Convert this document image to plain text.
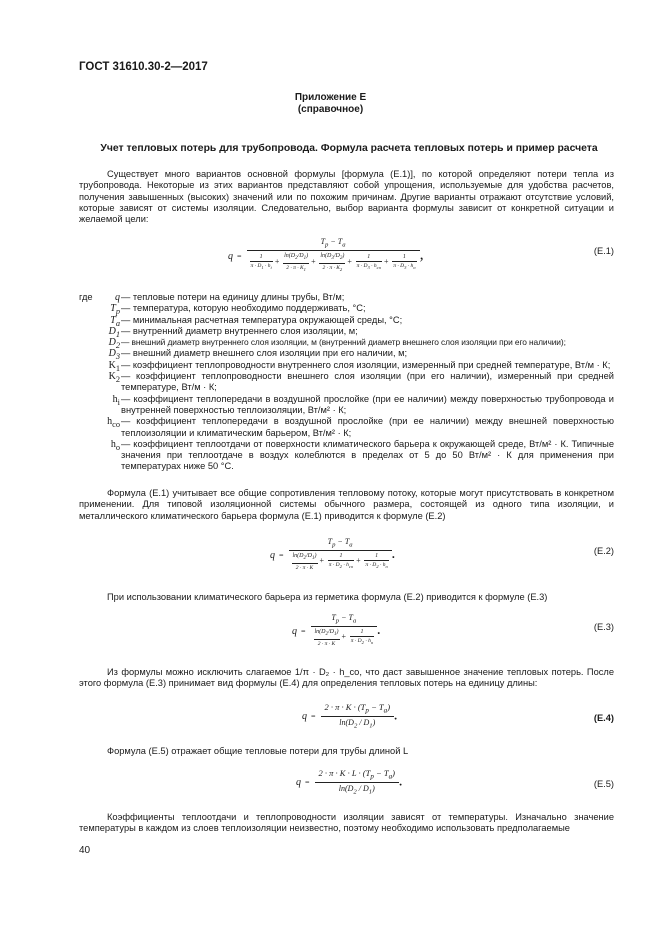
ГОСТ 31610.30-2—2017
Приложение Е
(справочное)
Учет тепловых потерь для трубопровода. Формула расчета тепловых потерь и пример расчета

Существует много вариантов основной формулы [формула (Е.1)], по которой определяют потери тепла из трубопровода. Некоторые из этих вариантов представляют собой упрощения, используемые для удобства расчетов, получения завышенных (высоких) значений или по похожим причинам. Другие варианты отражают отсутствие условий, которые зависят от системы изоляции. Следовательно, выбор варианта формулы зависит от конкретной ситуации и желаемой цели:

q =
$T_p - T_a$
$\frac{1}{\pi \cdot D_1 \cdot h_i} + \frac{\ln(D_2/D_1)}{2 \cdot \pi \cdot K_1} + \frac{\ln(D_3/D_2)}{2 \cdot \pi \cdot K_2}$ +
1
$\pi \cdot D_3 \cdot h_{co}$
+ $\frac{1}{\pi \cdot D_3 \cdot h_o}$ ,	(Е.1)
где q — тепловые потери на единицу длины трубы, Вт/м;
$T_p$ — температура, которую необходимо поддерживать, °С;
$T_a$ — минимальная расчетная температура окружающей среды, °С;
$D_1$ — внутренний диаметр внутреннего слоя изоляции, м;
$D_2$ — внешний диаметр внутреннего слоя изоляции, м (внутренний диаметр внешнего слоя изоляции при его наличии);
$D_3$ — внешний диаметр внешнего слоя изоляции при его наличии, м;
$K_1$ — коэффициент теплопроводности внутреннего слоя изоляции, измеренный при средней температуре, Вт/м · К;
$K_2$ — коэффициент теплопроводности внешнего слоя изоляции (при его наличии), измеренный при средней температуре, Вт/м · К;
$h_i$ — коэффициент теплопередачи в воздушной прослойке (при ее наличии) между поверхностью трубопровода и внутренней поверхностью теплоизоляции, Вт/м² · К;
$h_{co}$ — коэффициент теплопередачи в воздушной прослойке (при ее наличии) между внешней поверхностью теплоизоляции и климатическим барьером, Вт/м² · К;
$h_o$ — коэффициент теплоотдачи от поверхности климатического барьера к окружающей среде, Вт/м² · К. Типичные значения при теплоотдаче в воздух колеблются в пределах от 5 до 50 Вт/м² · К для применения при температурах ниже 50 °С.

Формула (Е.1) учитывает все общие сопротивления тепловому потоку, которые могут присутствовать в конкретном применении. Для типовой изоляционной системы обычного размера, состоящей из одного типа изоляции, и металлического климатического барьера формула (Е.1) приводится к формуле (Е.2)

$q = T_p - T_a$
$\frac{\ln(D_2/D_1)}{2 \cdot \pi \cdot K}$ +
1
$\pi \cdot D_2 \cdot h_{co}$
+ $\frac{1}{\pi \cdot D_2 \cdot h_o}$ .	(Е.2)

При использовании климатического барьера из герметика формула (Е.2) приводится к формуле (Е.3)

$q = \frac{T_p - T_a}{\frac{\ln(D_2/D_1)}{2 \cdot \pi \cdot K} + \frac{1}{\pi \cdot D_2 \cdot h_o}}$ .	(Е.3)

Из формулы можно исключить слагаемое 1/π · D₂ · h_co, что даст завышенное значение тепловых потерь. После этого формула (Е.3) принимает вид формулы (Е.4) для определения тепловых потерь на единицу длины:

$q = \frac{2 \cdot \pi \cdot K \cdot (T_p - T_a)}{\ln(D_2 / D_1)}$ .	(Е.4)

Формула (Е.5) отражает общие тепловые потери для трубы длиной L

$q = \frac{2 \cdot \pi \cdot K \cdot L \cdot (T_p - T_a)}{\ln(D_2 / D_1)}$ .	(Е.5)

Коэффициенты теплоотдачи и теплопроводности изоляции зависят от температуры. Изначально значение температуры в каждом из слоев теплоизоляции неизвестно, поэтому необходимо использовать предполагаемые

40
